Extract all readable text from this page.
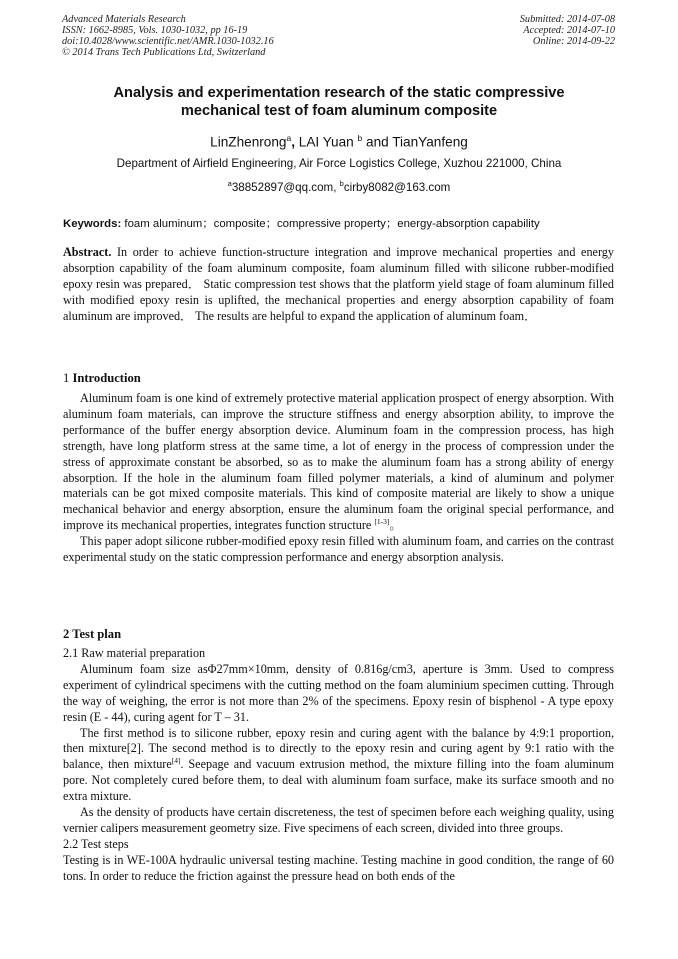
Advanced Materials Research
ISSN: 1662-8985, Vols. 1030-1032, pp 16-19
doi:10.4028/www.scientific.net/AMR.1030-1032.16
© 2014 Trans Tech Publications Ltd, Switzerland
Submitted: 2014-07-08
Accepted: 2014-07-10
Online: 2014-09-22
Analysis and experimentation research of the static compressive
mechanical test of foam aluminum composite
LinZhenrong$^a$, LAI Yuan $^b$ and TianYanfeng
Department of Airfield Engineering, Air Force Logistics College, Xuzhou 221000, China
$^a$38852897@qq.com, $^b$cirby8082@163.com
Keywords: foam aluminum；composite；compressive property；energy-absorption capability
Abstract. In order to achieve function-structure integration and improve mechanical properties and energy absorption capability of the foam aluminum composite, foam aluminum filled with silicone rubber-modified epoxy resin was prepared． Static compression test shows that the platform yield stage of foam aluminum filled with modified epoxy resin is uplifted, the mechanical properties and energy absorption capability of foam aluminum are improved． The results are helpful to expand the application of aluminum foam．
1 Introduction

Aluminum foam is one kind of extremely protective material application prospect of energy absorption. With aluminum foam materials, can improve the structure stiffness and energy absorption ability, to improve the performance of the buffer energy absorption device. Aluminum foam in the compression process, has high strength, have long platform stress at the same time, a lot of energy in the process of compression under the stress of approximate constant be absorbed, so as to make the aluminum foam has a strong ability of energy absorption. If the hole in the aluminum foam filled polymer materials, a kind of aluminum and polymer materials can be got mixed composite materials. This kind of composite material are likely to show a unique mechanical behavior and energy absorption, ensure the aluminum foam the original special performance, and improve its mechanical properties, integrates function structure [1-3]。

This paper adopt silicone rubber-modified epoxy resin filled with aluminum foam, and carries on the contrast experimental study on the static compression performance and energy absorption analysis.

2 Test plan

2.1 Raw material preparation

Aluminum foam size asΦ27mm×10mm, density of 0.816g/cm3, aperture is 3mm. Used to compress experiment of cylindrical specimens with the cutting method on the foam aluminium specimen cutting. Through the way of weighing, the error is not more than 2% of the specimens. Epoxy resin of bisphenol - A type epoxy resin (E - 44), curing agent for T – 31.

The first method is to silicone rubber, epoxy resin and curing agent with the balance by 4:9:1 proportion, then mixture[2]. The second method is to directly to the epoxy resin and curing agent by 9:1 ratio with the balance, then mixture[4]. Seepage and vacuum extrusion method, the mixture filling into the foam aluminum pore. Not completely cured before them, to deal with aluminum foam surface, make its surface smooth and no extra mixture.

As the density of products have certain discreteness, the test of specimen before each weighing quality, using vernier calipers measurement geometry size. Five specimens of each screen, divided into three groups.

2.2 Test steps

Testing is in WE-100A hydraulic universal testing machine. Testing machine in good condition, the range of 60 tons. In order to reduce the friction against the pressure head on both ends of the
